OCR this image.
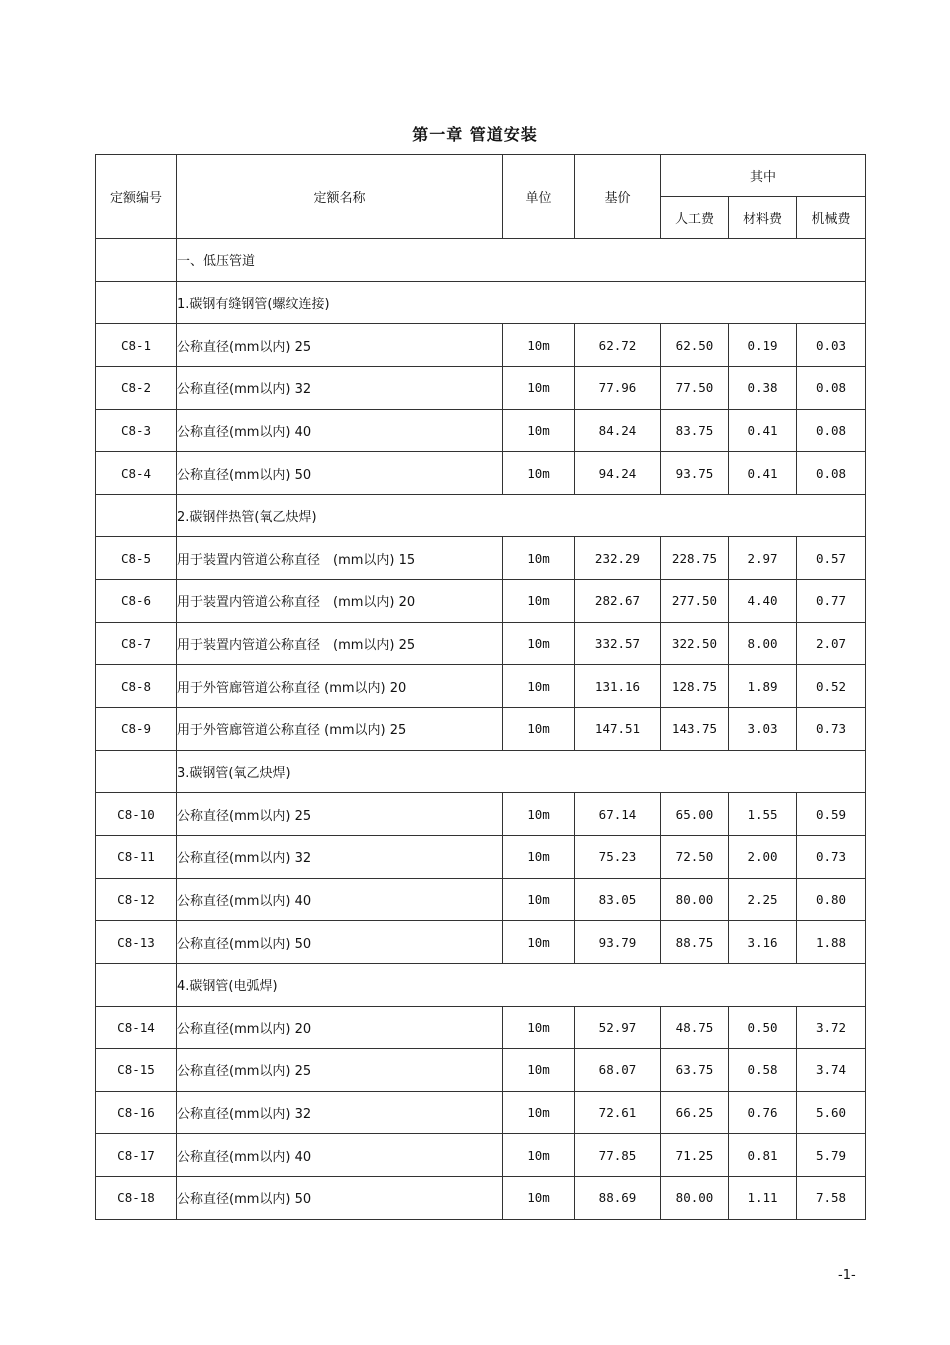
第一章 管道安装
定额编号	定额名称	单位	基价	其中		
				人工费	材料费	机械费
	一、低压管道					
	1.碳钢有缝钢管(螺纹连接)					
C8-1	公称直径(mm以内) 25	10m	62.72	62.50	0.19	0.03
C8-2	公称直径(mm以内) 32	10m	77.96	77.50	0.38	0.08
C8-3	公称直径(mm以内) 40	10m	84.24	83.75	0.41	0.08
C8-4	公称直径(mm以内) 50	10m	94.24	93.75	0.41	0.08
	2.碳钢伴热管(氧乙炔焊)					
C8-5	用于装置内管道公称直径　(mm以内) 15	10m	232.29	228.75	2.97	0.57
C8-6	用于装置内管道公称直径　(mm以内) 20	10m	282.67	277.50	4.40	0.77
C8-7	用于装置内管道公称直径　(mm以内) 25	10m	332.57	322.50	8.00	2.07
C8-8	用于外管廊管道公称直径 (mm以内) 20	10m	131.16	128.75	1.89	0.52
C8-9	用于外管廊管道公称直径 (mm以内) 25	10m	147.51	143.75	3.03	0.73
	3.碳钢管(氧乙炔焊)					
C8-10	公称直径(mm以内) 25	10m	67.14	65.00	1.55	0.59
C8-11	公称直径(mm以内) 32	10m	75.23	72.50	2.00	0.73
C8-12	公称直径(mm以内) 40	10m	83.05	80.00	2.25	0.80
C8-13	公称直径(mm以内) 50	10m	93.79	88.75	3.16	1.88
	4.碳钢管(电弧焊)					
C8-14	公称直径(mm以内) 20	10m	52.97	48.75	0.50	3.72
C8-15	公称直径(mm以内) 25	10m	68.07	63.75	0.58	3.74
C8-16	公称直径(mm以内) 32	10m	72.61	66.25	0.76	5.60
C8-17	公称直径(mm以内) 40	10m	77.85	71.25	0.81	5.79
C8-18	公称直径(mm以内) 50	10m	88.69	80.00	1.11	7.58
-1-
